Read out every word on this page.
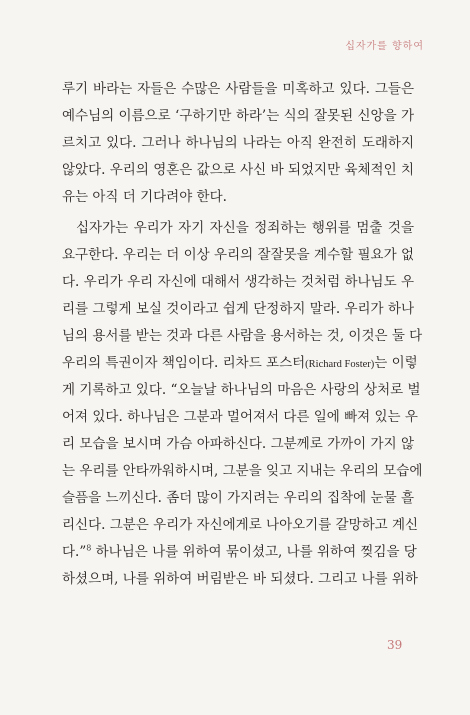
십자가를 향하여
루기 바라는 자들은 수많은 사람들을 미혹하고 있다. 그들은
예수님의 이름으로 ‘구하기만 하라’는 식의 잘못된 신앙을 가
르치고 있다. 그러나 하나님의 나라는 아직 완전히 도래하지
않았다. 우리의 영혼은 값으로 사신 바 되었지만 육체적인 치
유는 아직 더 기다려야 한다.
십자가는 우리가 자기 자신을 정죄하는 행위를 멈출 것을
요구한다. 우리는 더 이상 우리의 잘잘못을 계수할 필요가 없
다. 우리가 우리 자신에 대해서 생각하는 것처럼 하나님도 우
리를 그렇게 보실 것이라고 쉽게 단정하지 말라. 우리가 하나
님의 용서를 받는 것과 다른 사람을 용서하는 것, 이것은 둘 다
우리의 특권이자 책임이다. 리차드 포스터(Richard Foster)는 이렇
게 기록하고 있다. “오늘날 하나님의 마음은 사랑의 상처로 벌
어져 있다. 하나님은 그분과 멀어져서 다른 일에 빠져 있는 우
리 모습을 보시며 가슴 아파하신다. 그분께로 가까이 가지 않
는 우리를 안타까워하시며, 그분을 잊고 지내는 우리의 모습에
슬픔을 느끼신다. 좀더 많이 가지려는 우리의 집착에 눈물 흘
리신다. 그분은 우리가 자신에게로 나아오기를 갈망하고 계신
다.”$^8$ 하나님은 나를 위하여 묶이셨고, 나를 위하여 찢김을 당
하셨으며, 나를 위하여 버림받은 바 되셨다. 그리고 나를 위하
39
